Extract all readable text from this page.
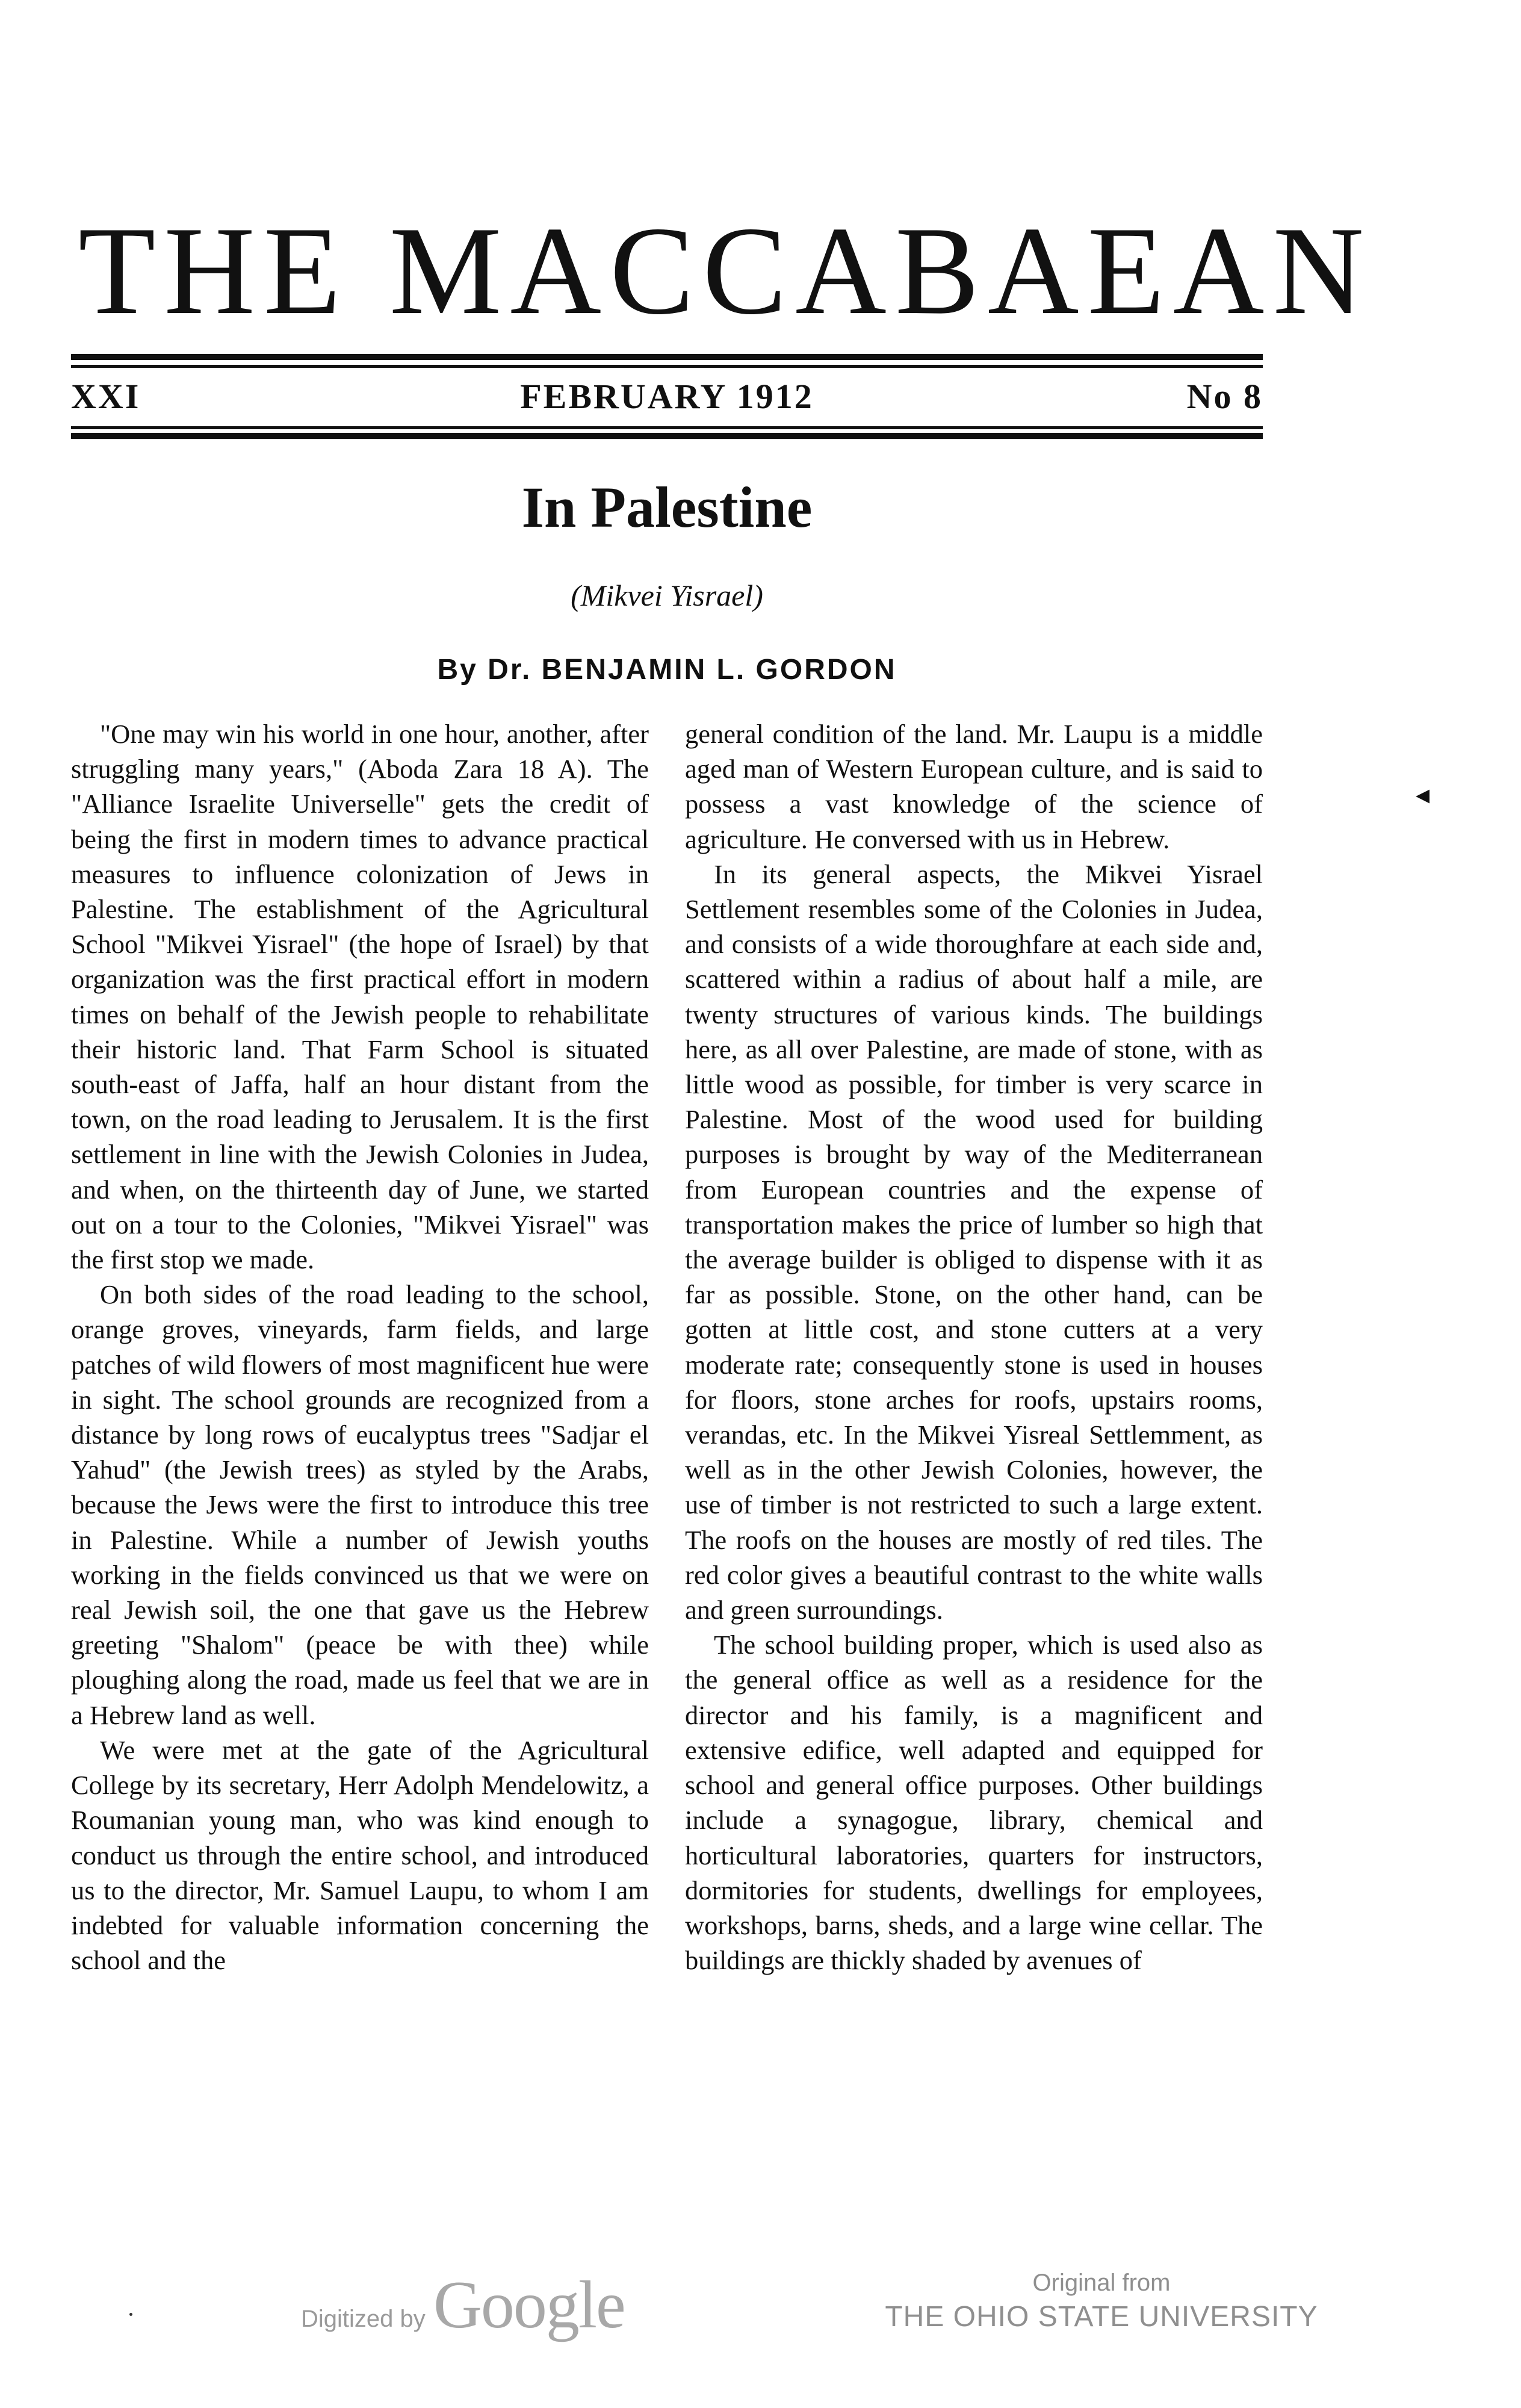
THE MACCABAEAN
XXI	FEBRUARY 1912	No 8
In Palestine
(Mikvei Yisrael)
By Dr. BENJAMIN L. GORDON

"One may win his world in one hour, another, after struggling many years," (Aboda Zara 18 A). The "Alliance Israelite Universelle" gets the credit of being the first in modern times to advance practical measures to influence colonization of Jews in Palestine. The establishment of the Agricultural School "Mikvei Yisrael" (the hope of Israel) by that organization was the first practical effort in modern times on behalf of the Jewish people to rehabilitate their historic land. That Farm School is situated south-east of Jaffa, half an hour distant from the town, on the road leading to Jerusalem. It is the first settlement in line with the Jewish Colonies in Judea, and when, on the thirteenth day of June, we started out on a tour to the Colonies, "Mikvei Yisrael" was the first stop we made.

On both sides of the road leading to the school, orange groves, vineyards, farm fields, and large patches of wild flowers of most magnificent hue were in sight. The school grounds are recognized from a distance by long rows of eucalyptus trees "Sadjar el Yahud" (the Jewish trees) as styled by the Arabs, because the Jews were the first to introduce this tree in Palestine. While a number of Jewish youths working in the fields convinced us that we were on real Jewish soil, the one that gave us the Hebrew greeting "Shalom" (peace be with thee) while ploughing along the road, made us feel that we are in a Hebrew land as well.

We were met at the gate of the Agricultural College by its secretary, Herr Adolph Mendelowitz, a Roumanian young man, who was kind enough to conduct us through the entire school, and introduced us to the director, Mr. Samuel Laupu, to whom I am indebted for valuable information concerning the school and the

general condition of the land. Mr. Laupu is a middle aged man of Western European culture, and is said to possess a vast knowledge of the science of agriculture. He conversed with us in Hebrew.

In its general aspects, the Mikvei Yisrael Settlement resembles some of the Colonies in Judea, and consists of a wide thoroughfare at each side and, scattered within a radius of about half a mile, are twenty structures of various kinds. The buildings here, as all over Palestine, are made of stone, with as little wood as possible, for timber is very scarce in Palestine. Most of the wood used for building purposes is brought by way of the Mediterranean from European countries and the expense of transportation makes the price of lumber so high that the average builder is obliged to dispense with it as far as possible. Stone, on the other hand, can be gotten at little cost, and stone cutters at a very moderate rate; consequently stone is used in houses for floors, stone arches for roofs, upstairs rooms, verandas, etc. In the Mikvei Yisreal Settlemment, as well as in the other Jewish Colonies, however, the use of timber is not restricted to such a large extent. The roofs on the houses are mostly of red tiles. The red color gives a beautiful contrast to the white walls and green surroundings.

The school building proper, which is used also as the general office as well as a residence for the director and his family, is a magnificent and extensive edifice, well adapted and equipped for school and general office purposes. Other buildings include a synagogue, library, chemical and horticultural laboratories, quarters for instructors, dormitories for students, dwellings for employees, workshops, barns, sheds, and a large wine cellar. The buildings are thickly shaded by avenues of

◂
Digitized by Google	Original from
THE OHIO STATE UNIVERSITY
